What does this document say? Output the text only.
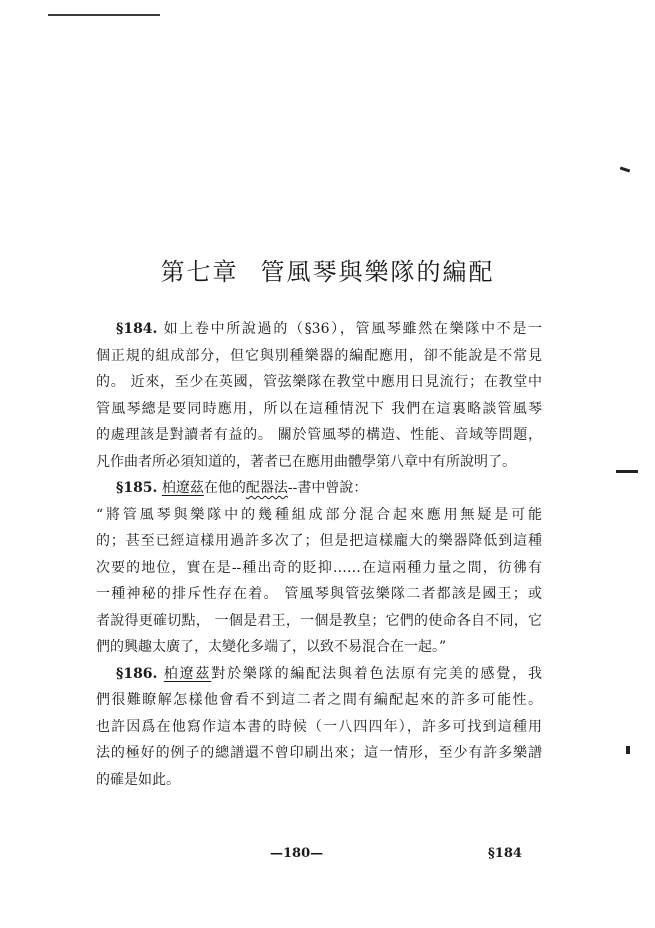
第七章 管風琴與樂隊的編配
§184. 如上卷中所說過的（§36），管風琴雖然在樂隊中不是一
個正規的組成部分，但它與別種樂器的編配應用，卻不能說是不常見
的。 近來，至少在英國，管弦樂隊在教堂中應用日見流行；在教堂中
管風琴總是要同時應用，所以在這種情況下 我們在這裏略談管風琴
的處理該是對讀者有益的。 關於管風琴的構造、性能、音域等問題，
凡作曲者所必須知道的，著者已在應用曲體學第八章中有所說明了。
§185. 柏遼茲在他的配器法--書中曾說：
“將管風琴與樂隊中的幾種組成部分混合起來應用無疑是可能
的；甚至已經這樣用過許多次了；但是把這樣龐大的樂器降低到這種
次要的地位，實在是--種出奇的貶抑……在這兩種力量之間，彷彿有
一種神秘的排斥性存在着。 管風琴與管弦樂隊二者都該是國王；或
者說得更確切點， 一個是君王，一個是教皇；它們的使命各自不同，它
們的興趣太廣了，太變化多端了，以致不易混合在一起。”
§186. 柏遼茲對於樂隊的編配法與着色法原有完美的感覺，我
們很難瞭解怎樣他會看不到這二者之間有編配起來的許多可能性。
也許因爲在他寫作這本書的時候（一八四四年），許多可找到這種用
法的極好的例子的總譜還不曾印刷出來；這一情形，至少有許多樂譜
的確是如此。
—180—	§184
